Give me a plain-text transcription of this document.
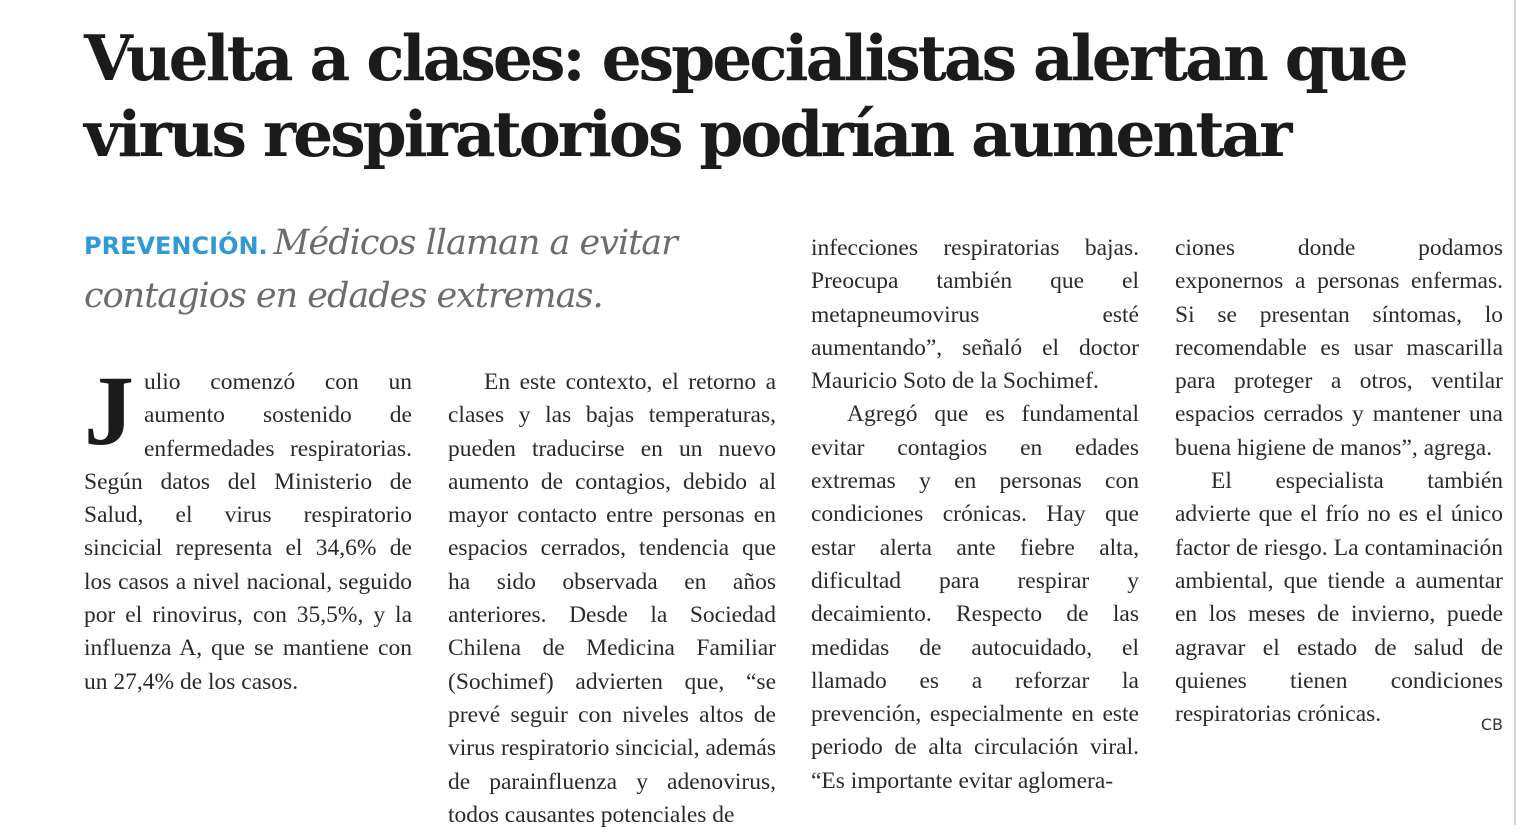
Vuelta a clases: especialistas alertan que virus respiratorios podrían aumentar

PREVENCIÓN. Médicos llaman a evitar contagios en edades extremas.

Julio comenzó con un aumento sostenido de enfermedades respiratorias. Según datos del Ministerio de Salud, el virus respiratorio sincicial representa el 34,6% de los casos a nivel nacional, seguido por el rinovirus, con 35,5%, y la influenza A, que se mantiene con un 27,4% de los casos.

En este contexto, el retorno a clases y las bajas temperaturas, pueden traducirse en un nuevo aumento de contagios, debido al mayor contacto entre personas en espacios cerrados, tendencia que ha sido observada en años anteriores. Desde la Sociedad Chilena de Medicina Familiar (Sochimef) advierten que, “se prevé seguir con niveles altos de virus respiratorio sincicial, además de parainfluenza y adenovirus, todos causantes potenciales de

infecciones respiratorias bajas. Preocupa también que el metapneumovirus esté aumentando”, señaló el doctor Mauricio Soto de la Sochimef.

Agregó que es fundamental evitar contagios en edades extremas y en personas con condiciones crónicas. Hay que estar alerta ante fiebre alta, dificultad para respirar y decaimiento. Respecto de las medidas de autocuidado, el llamado es a reforzar la prevención, especialmente en este periodo de alta circulación viral. “Es importante evitar aglomera-

ciones donde podamos exponernos a personas enfermas. Si se presentan síntomas, lo recomendable es usar mascarilla para proteger a otros, ventilar espacios cerrados y mantener una buena higiene de manos”, agrega.

El especialista también advierte que el frío no es el único factor de riesgo. La contaminación ambiental, que tiende a aumentar en los meses de invierno, puede agravar el estado de salud de quienes tienen condiciones respiratorias crónicas.	CB
